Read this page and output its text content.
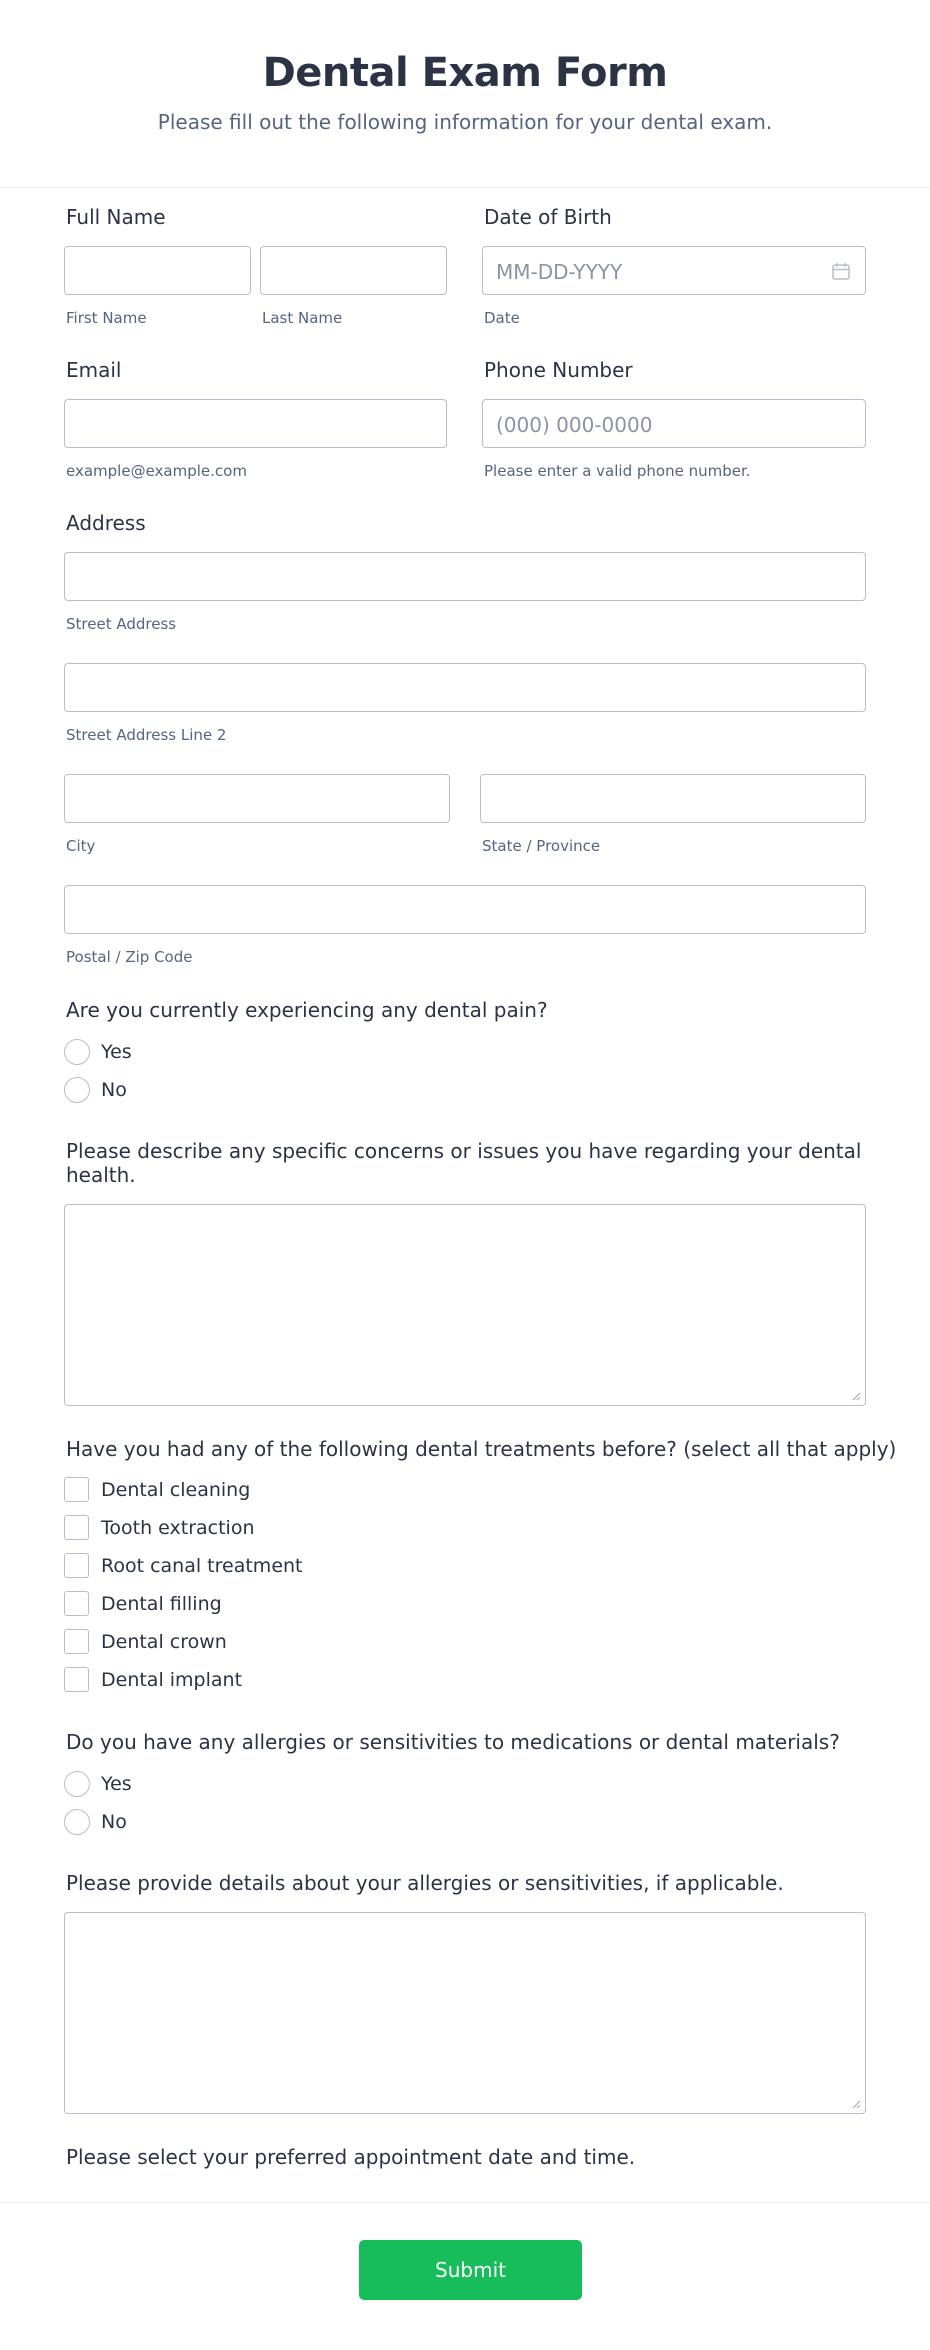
Dental Exam Form

Please fill out the following information for your dental exam.

Full Name
First Name	Last Name
Date of Birth
MM-DD-YYYY
Date
Email
example@example.com
Phone Number
(000) 000-0000
Please enter a valid phone number.
Address
Street Address
Street Address Line 2
City	State / Province
Postal / Zip Code
Are you currently experiencing any dental pain?
Yes
No
Please describe any specific concerns or issues you have regarding your dental health.
Have you had any of the following dental treatments before? (select all that apply)
Dental cleaning
Tooth extraction
Root canal treatment
Dental filling
Dental crown
Dental implant
Do you have any allergies or sensitivities to medications or dental materials?
Yes
No
Please provide details about your allergies or sensitivities, if applicable.
Please select your preferred appointment date and time.
Submit
